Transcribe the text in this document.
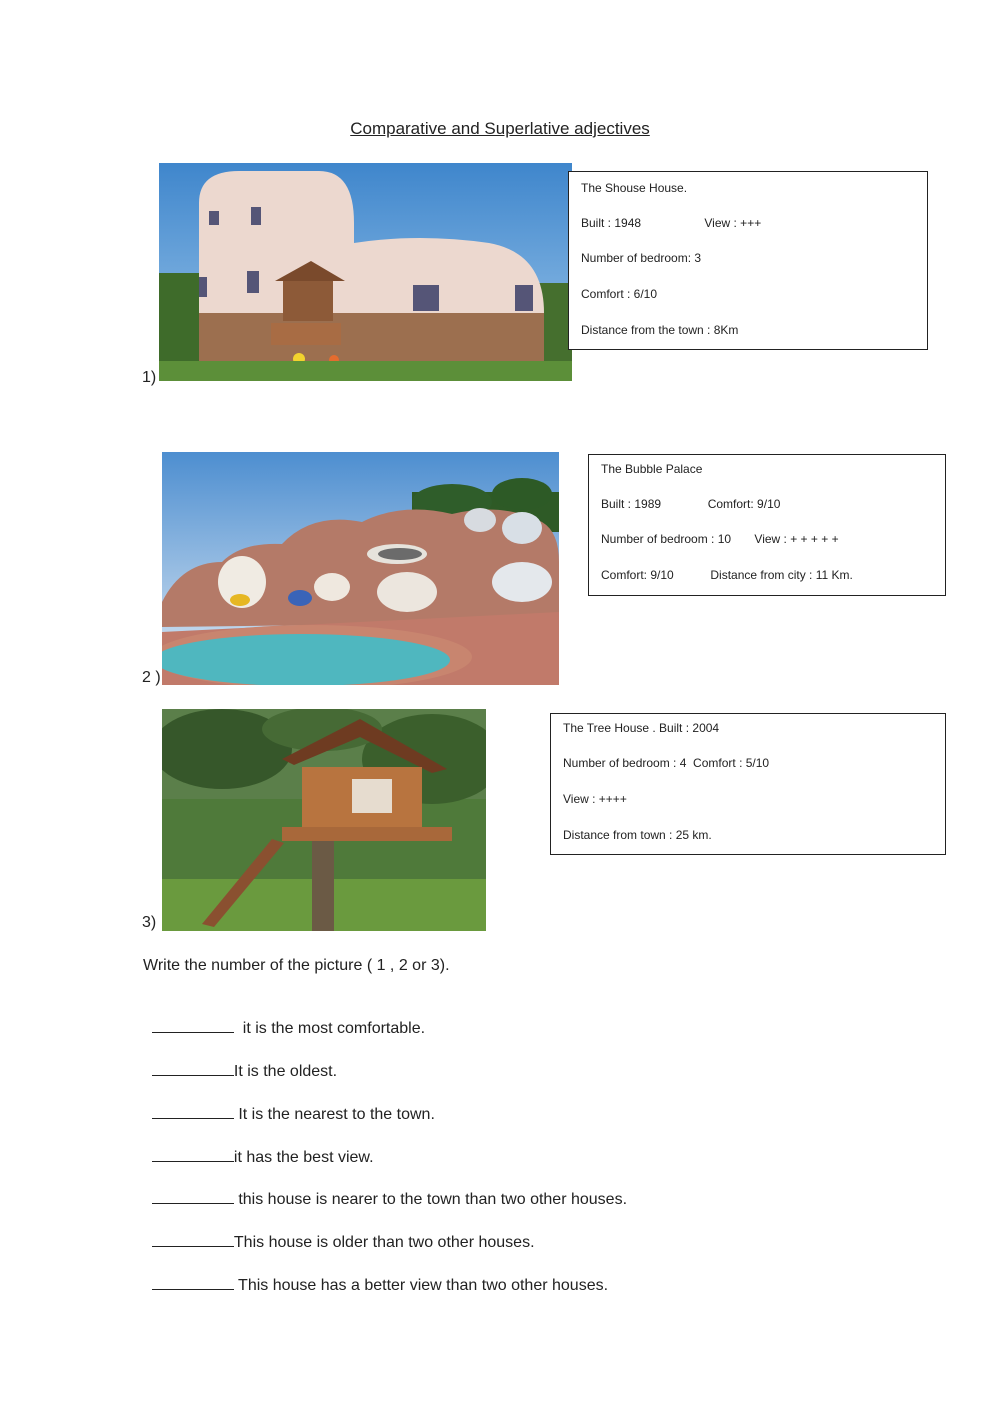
Comparative and Superlative adjectives
1)
The Shouse House.
Built : 1948                   View : +++
Number of bedroom: 3
Comfort : 6/10
Distance from the town : 8Km
2 )
The Bubble Palace
Built : 1989              Comfort: 9/10
Number of bedroom : 10       View : + + + + +
Comfort: 9/10           Distance from city : 11 Km.
3)
The Tree House . Built : 2004
Number of bedroom : 4  Comfort : 5/10
View : ++++
Distance from town : 25 km.
Write the number of the picture ( 1 , 2 or 3).

it is the most comfortable.

It is the oldest.

It is the nearest to the town.

it has the best view.

this house is nearer to the town than two other houses.

This house is older than two other houses.

This house has a better view than two other houses.
